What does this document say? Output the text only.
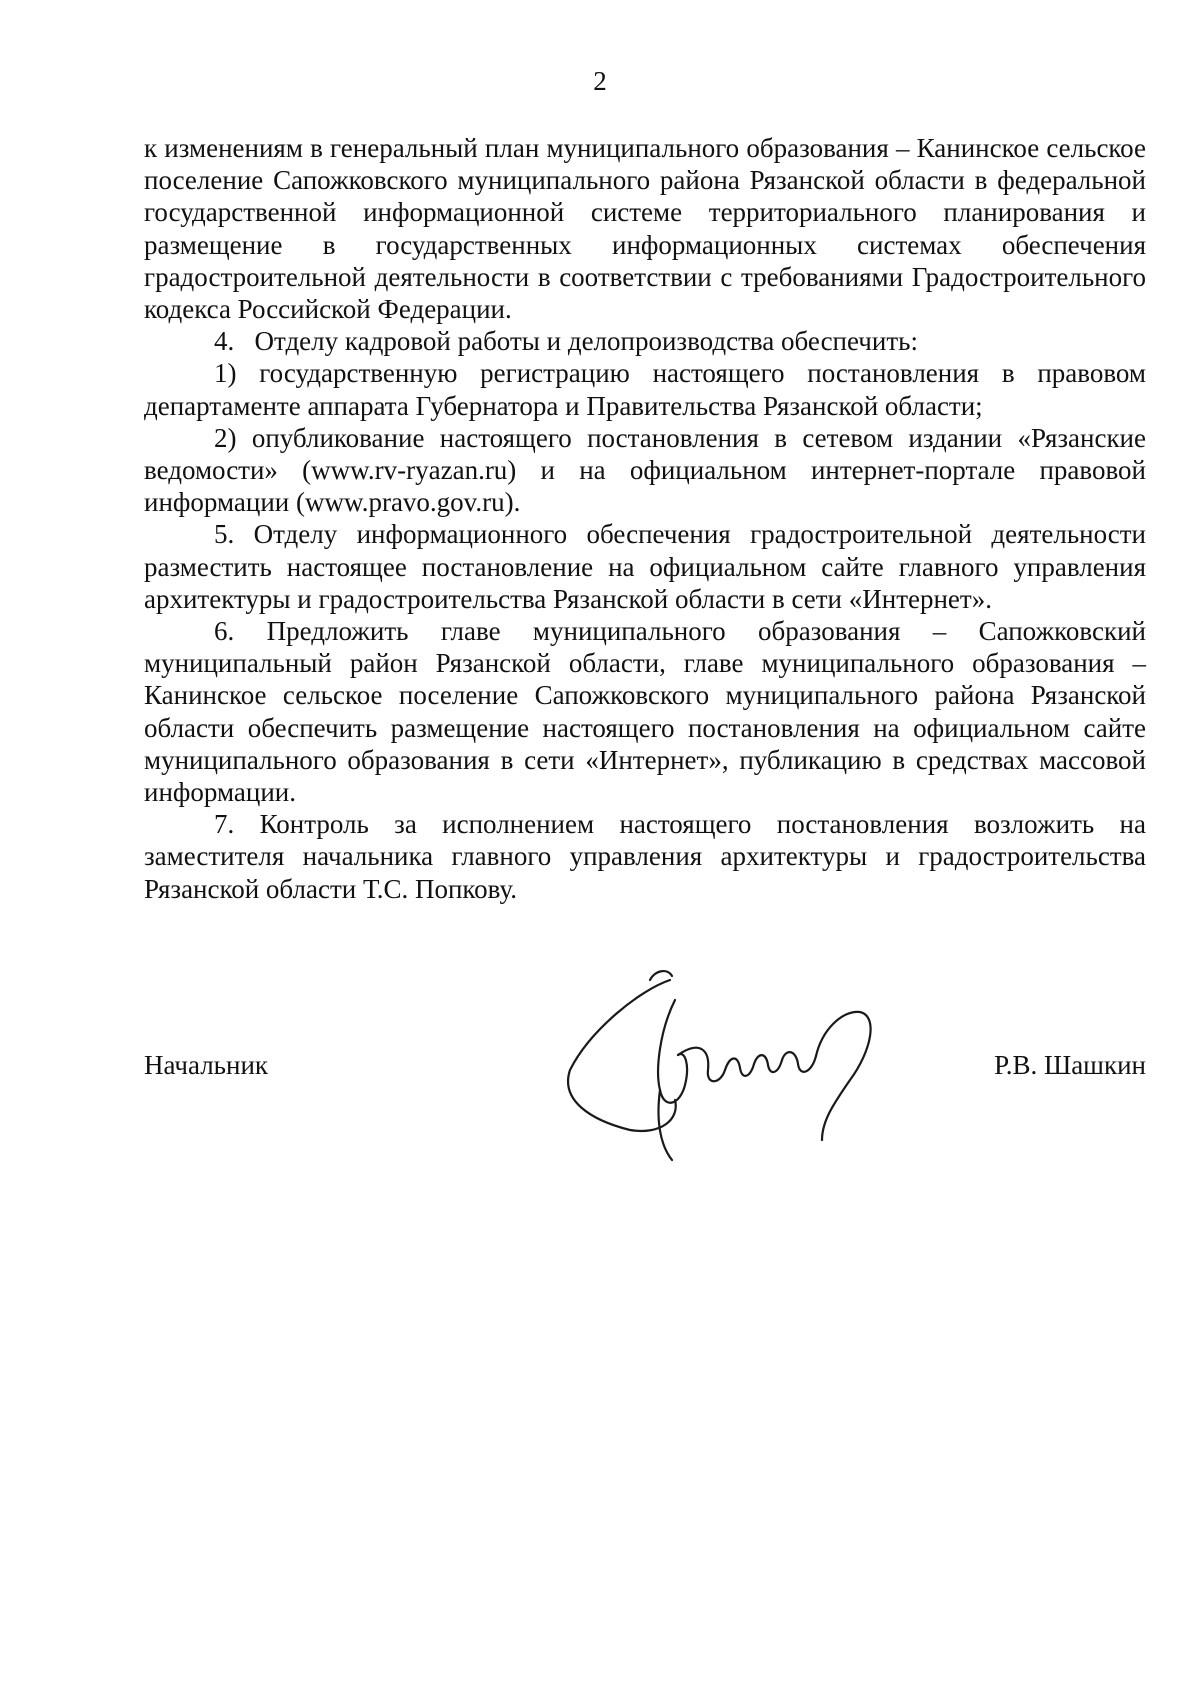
2

к изменениям в генеральный план муниципального образования – Канинское сельское поселение Сапожковского муниципального района Рязанской области в федеральной государственной информационной системе территориального планирования и размещение в государственных информационных системах обеспечения градостроительной деятельности в соответствии с требованиями Градостроительного кодекса Российской Федерации.

4.   Отделу кадровой работы и делопроизводства обеспечить:

1) государственную регистрацию настоящего постановления в правовом департаменте аппарата Губернатора и Правительства Рязанской области;

2) опубликование настоящего постановления в сетевом издании «Рязанские ведомости» (www.rv-ryazan.ru) и на официальном интернет-портале правовой информации (www.pravo.gov.ru).

5. Отделу информационного обеспечения градостроительной деятельности разместить настоящее постановление на официальном сайте главного управления архитектуры и градостроительства Рязанской области в сети «Интернет».

6. Предложить главе муниципального образования – Сапожковский муниципальный район Рязанской области, главе муниципального образования – Канинское сельское поселение Сапожковского муниципального района Рязанской области обеспечить размещение настоящего постановления на официальном сайте муниципального образования в сети «Интернет», публикацию в средствах массовой информации.

7. Контроль за исполнением настоящего постановления возложить на заместителя начальника главного управления архитектуры и градостроительства Рязанской области Т.С. Попкову.

Начальник	Р.В. Шашкин
